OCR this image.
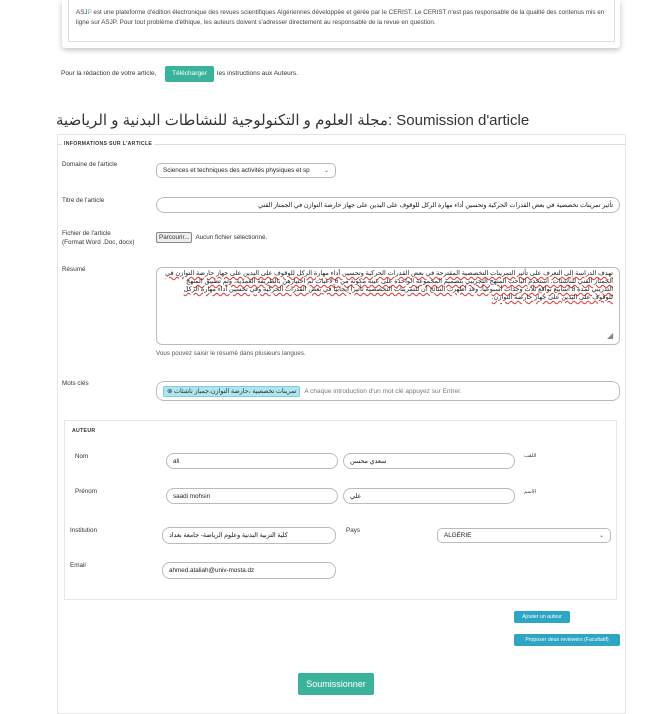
ASJP est une plateforme d'édition électronique des revues scientifiques Algériennes développée et gérée par le CERIST. Le CERIST n'est pas responsable de la qualité des contenus mis en ligne sur ASJP. Pour tout problème d'éthique, les auteurs doivent s'adresser directement au responsable de la revue en question.
Pour la rédaction de votre article,	Télécharger	les instructions aux Auteurs.
مجلة العلوم و التكنولوجية للنشاطات البدنية و الرياضية: Soumission d'article
INFORMATIONS SUR L'ARTICLE
Domaine de l'article
Sciences et techniques des activités physiques et sp ⌄
Titre de l'article
تأثير تمرينات تخصصية في بعض القدرات الحركية وتحسين أداء مهارة الركل للوقوف على اليدين على جهاز حارضة التوازن في الجمناز الفني
Fichier de l'article
(Format Word .Doc, docx)
Parcourir... Aucun fichier sélectionné.
Résumé
تهدف الدراسة إلى التعرف على تأثير التمرينات التخصصية المقترحة في بعض القدرات الحركية وتحسين أداء مهارة الركل للوقوف على اليدين على جهاز حارضة التوازن في الجمناز الفني للناشئات. استخدم الباحث المنهج التجريبي بتصميم المجموعة الواحدة على عينة مكونة من 6 لاعبات تم اختيارهن بالطريقة العمدية، وتم تطبيق المنهج التدريبي لمدة 8 أسابيع بواقع ثلاث وحدات أسبوعياً، وقد أظهرت النتائج أن للتمرينات التخصصية تأثيراً إيجابياً في بعض القدرات الحركية وفي تحسين أداء مهارة الركل للوقوف على اليدين على جهاز حارضة التوازن.
◢
Vous pouvez saisir le résumé dans plusieurs langues.
Mots clés
⊗ تمرينات تخصصية ،حارضة التوازن،جمباز ناشئات	A chaque introduction d'un mot clé appuyez sur Entrer.
AUTEUR
Nom
ali	سعدي محسن
اللقب
Prénom
saadi mohsin	علي
الاسم
Institution
كلية التربية البدنية وعلوم الرياضة- جامعة بغداد
Pays
ALGÉRIE	⌄
Email
ahmed.ataliah@univ-mosta.dz
Ajouter un auteur
Proposer deux reviewers (Facultatif)
Soumissionner
